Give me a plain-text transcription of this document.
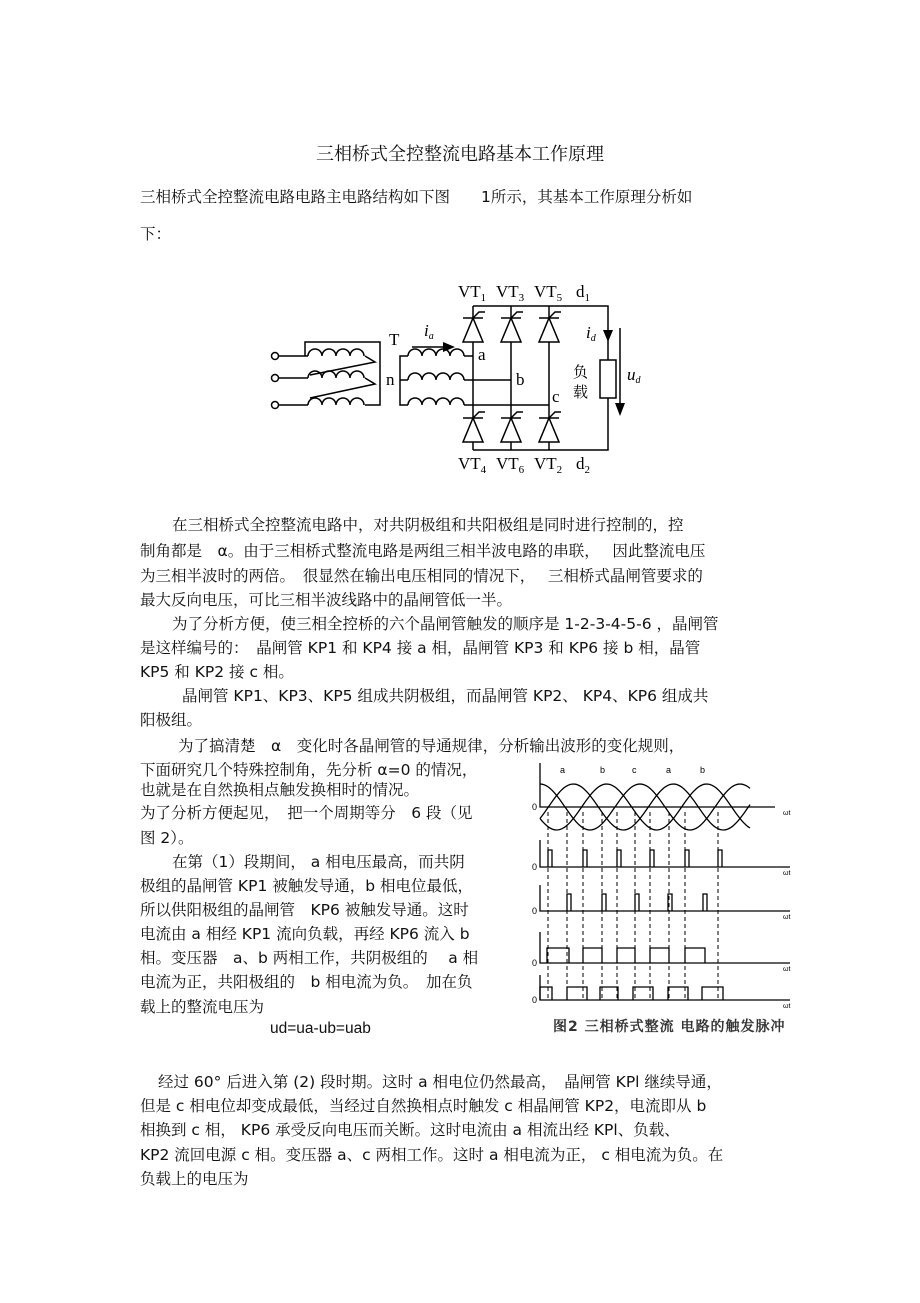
三相桥式全控整流电路基本工作原理
三相桥式全控整流电路电路主电路结构如下图　　1所示，其基本工作原理分析如
下：
$VT_1$ $VT_3$ $VT_5$ $d_1$
$VT_4$ $VT_6$ $VT_2$ $d_2$
T ia
a
b
c
n
id
负
载
ud
在三相桥式全控整流电路中，对共阴极组和共阳极组是同时进行控制的，控
制角都是　α。由于三相桥式整流电路是两组三相半波电路的串联，　 因此整流电压
为三相半波时的两倍。　很显然在输出电压相同的情况下，　 三相桥式晶闸管要求的
最大反向电压，可比三相半波线路中的晶闸管低一半。
为了分析方便，使三相全控桥的六个晶闸管触发的顺序是 1-2-3-4-5-6 ，晶闸管
是这样编号的：　晶闸管 KP1 和 KP4 接 a 相，晶闸管 KP3 和 KP6 接 b 相，晶管
KP5 和 KP2 接 c 相。
晶闸管 KP1、KP3、KP5 组成共阴极组，而晶闸管 KP2、 KP4、KP6 组成共
阳极组。
为了搞清楚　α　变化时各晶闸管的导通规律，分析输出波形的变化规则，
下面研究几个特殊控制角，先分析 α=0 的情况，
也就是在自然换相点触发换相时的情况。
为了分析方便起见，　把一个周期等分　6 段（见
图 2）。
在第（1）段期间， a 相电压最高，而共阴
极组的晶闸管 KP1 被触发导通，b 相电位最低，
所以供阳极组的晶闸管　KP6 被触发导通。这时
电流由 a 相经 KP1 流向负载，再经 KP6 流入 b
相。变压器　a、b 两相工作，共阴极组的　 a 相
电流为正，共阳极组的　b 相电流为负。　加在负
载上的整流电压为
ud=ua-ub=uab
经过 60° 后进入第 (2) 段时期。这时 a 相电位仍然最高，　晶闸管 KPl 继续导通，
但是 c 相电位却变成最低，当经过自然换相点时触发 c 相晶闸管 KP2，电流即从 b
相换到 c 相， KP6 承受反向电压而关断。这时电流由 a 相流出经 KPl、负载、
KP2 流回电源 c 相。变压器 a、c 两相工作。这时 a 相电流为正， c 相电流为负。在
负载上的电压为
0
ωt
0
ωt
0
ωt
0
ωt
0
ωt
a	b	c	a	b
图2 三相桥式整流 电路的触发脉冲
